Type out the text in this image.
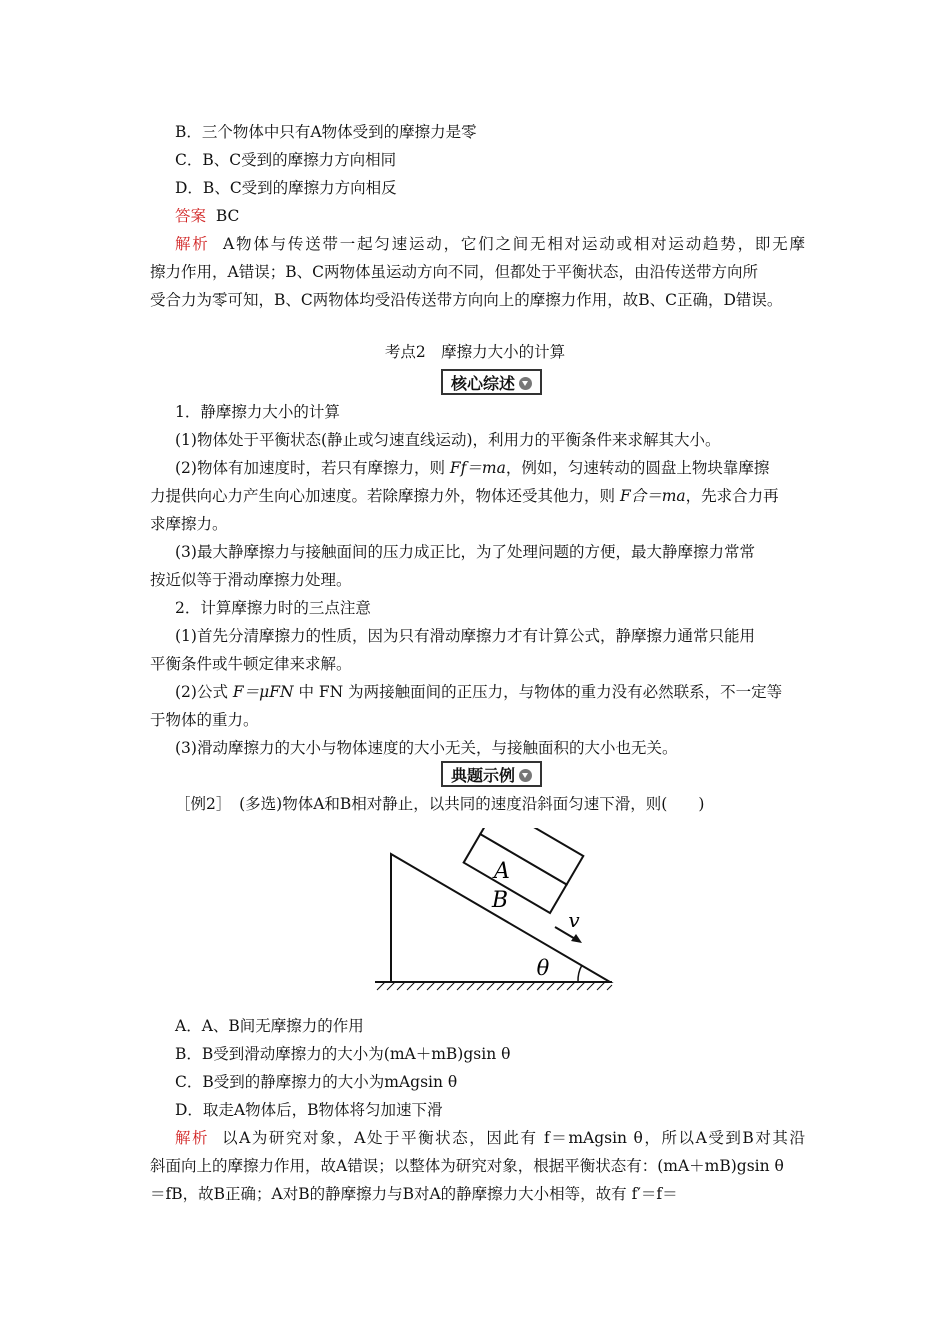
B．三个物体中只有A物体受到的摩擦力是零
C．B、C受到的摩擦力方向相同
D．B、C受到的摩擦力方向相反
答案 BC
解析 A物体与传送带一起匀速运动，它们之间无相对运动或相对运动趋势，即无摩
擦力作用，A错误；B、C两物体虽运动方向不同，但都处于平衡状态，由沿传送带方向所
受合力为零可知，B、C两物体均受沿传送带方向向上的摩擦力作用，故B、C正确，D错误。
考点2　摩擦力大小的计算
核心综述
1．静摩擦力大小的计算
(1)物体处于平衡状态(静止或匀速直线运动)，利用力的平衡条件来求解其大小。
(2)物体有加速度时，若只有摩擦力，则 Ff＝ma，例如，匀速转动的圆盘上物块靠摩擦
力提供向心力产生向心加速度。若除摩擦力外，物体还受其他力，则 F合＝ma，先求合力再
求摩擦力。
(3)最大静摩擦力与接触面间的压力成正比，为了处理问题的方便，最大静摩擦力常常
按近似等于滑动摩擦力处理。
2．计算摩擦力时的三点注意
(1)首先分清摩擦力的性质，因为只有滑动摩擦力才有计算公式，静摩擦力通常只能用
平衡条件或牛顿定律来求解。
(2)公式 F＝μFN 中 FN 为两接触面间的正压力，与物体的重力没有必然联系，不一定等
于物体的重力。
(3)滑动摩擦力的大小与物体速度的大小无关，与接触面积的大小也无关。
典题示例
［例2］　(多选)物体A和B相对静止，以共同的速度沿斜面匀速下滑，则(　　)
A
B
v
θ
A．A、B间无摩擦力的作用
B．B受到滑动摩擦力的大小为(mA＋mB)gsin θ
C．B受到的静摩擦力的大小为mAgsin θ
D．取走A物体后，B物体将匀加速下滑
解析 以A为研究对象，A处于平衡状态，因此有 f＝mAgsin θ，所以A受到B对其沿
斜面向上的摩擦力作用，故A错误；以整体为研究对象，根据平衡状态有：(mA＋mB)gsin θ
＝fB，故B正确；A对B的静摩擦力与B对A的静摩擦力大小相等，故有 f′＝f＝
